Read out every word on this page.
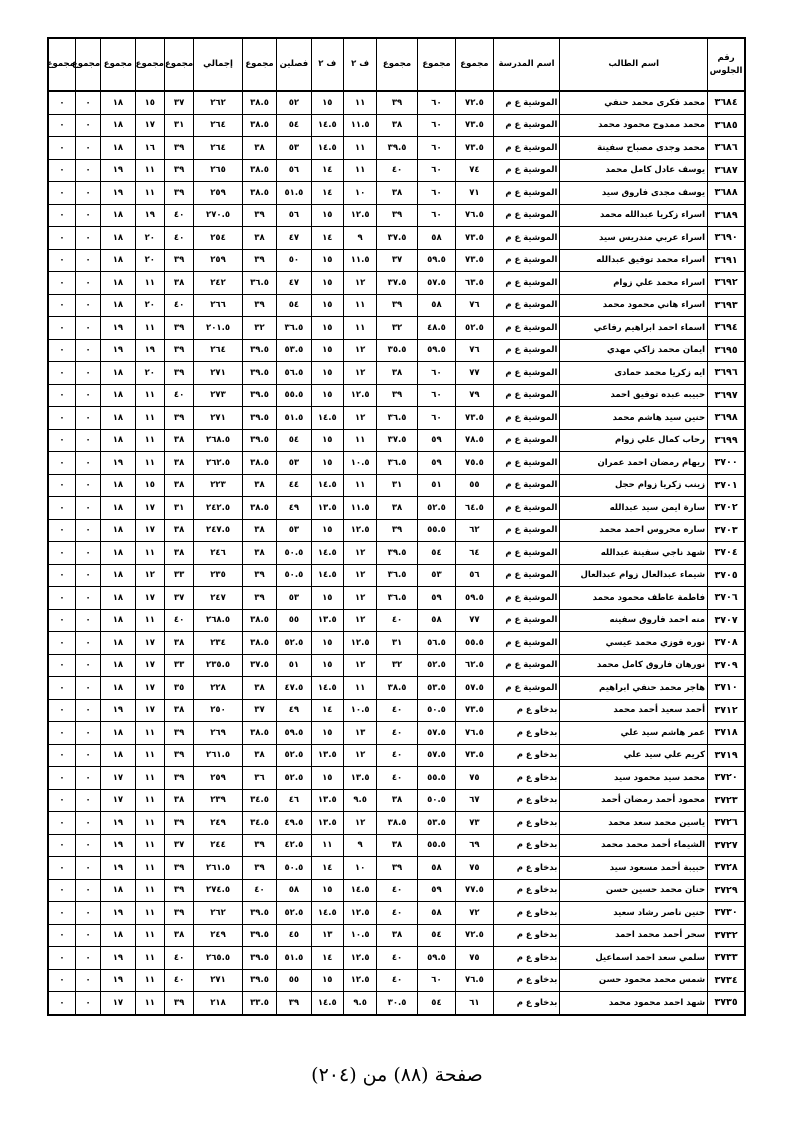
رقم الجلوس	اسم الطالب	اسم المدرسة	مجموع	مجموع	مجموع	ف ٢	ف ٢	فصلين	مجموع	إجمالي	مجموع	مجموع	مجموع	مجموع	مجموع
٣٦٨٤	محمد فكرى محمد حنفي	الموشية ع م	٧٢.٥	٦٠	٣٩	١١	١٥	٥٢	٣٨.٥	٢٦٢	٣٧	١٥	١٨	٠	٠
٣٦٨٥	محمد ممدوح محمود محمد	الموشية ع م	٧٣.٥	٦٠	٣٨	١١.٥	١٤.٥	٥٤	٣٨.٥	٢٦٤	٣١	١٧	١٨	٠	٠
٣٦٨٦	محمد وجدى مصباح سفينة	الموشية ع م	٧٣.٥	٦٠	٣٩.٥	١١	١٤.٥	٥٣	٣٨	٢٦٤	٣٩	١٦	١٨	٠	٠
٣٦٨٧	يوسف عادل كامل محمد	الموشية ع م	٧٤	٦٠	٤٠	١١	١٤	٥٦	٣٨.٥	٢٦٥	٣٩	١١	١٩	٠	٠
٣٦٨٨	يوسف مجدى فاروق سيد	الموشية ع م	٧١	٦٠	٣٨	١٠	١٤	٥١.٥	٣٨.٥	٢٥٩	٣٩	١١	١٩	٠	٠
٣٦٨٩	اسراء زكريا عبدالله محمد	الموشية ع م	٧٦.٥	٦٠	٣٩	١٢.٥	١٥	٥٦	٣٩	٢٧٠.٥	٤٠	١٩	١٨	٠	٠
٣٦٩٠	اسراء عربي مندريس سيد	الموشية ع م	٧٣.٥	٥٨	٣٧.٥	٩	١٤	٤٧	٣٨	٢٥٤	٤٠	٢٠	١٨	٠	٠
٣٦٩١	اسراء محمد توفيق عبدالله	الموشية ع م	٧٣.٥	٥٩.٥	٣٧	١١.٥	١٥	٥٠	٣٩	٢٥٩	٣٩	٢٠	١٨	٠	٠
٣٦٩٢	اسراء محمد علي زوام	الموشية ع م	٦٣.٥	٥٧.٥	٣٧.٥	١٢	١٥	٤٧	٣٦.٥	٢٤٢	٣٨	١١	١٨	٠	٠
٣٦٩٣	اسراء هاني محمود محمد	الموشية ع م	٧٦	٥٨	٣٩	١١	١٥	٥٤	٣٩	٢٦٦	٤٠	٢٠	١٨	٠	٠
٣٦٩٤	اسماء احمد ابراهيم رفاعي	الموشية ع م	٥٢.٥	٤٨.٥	٣٢	١١	١٥	٣٦.٥	٣٢	٢٠١.٥	٣٩	١١	١٩	٠	٠
٣٦٩٥	ايمان محمد زاكي مهدي	الموشية ع م	٧٦	٥٩.٥	٣٥.٥	١٢	١٥	٥٣.٥	٣٩.٥	٢٦٤	٣٩	١٩	١٩	٠	٠
٣٦٩٦	ايه زكريا محمد حمادى	الموشية ع م	٧٧	٦٠	٣٨	١٢	١٥	٥٦.٥	٣٩.٥	٢٧١	٣٩	٢٠	١٨	٠	٠
٣٦٩٧	حبيبه عبده توفيق احمد	الموشية ع م	٧٩	٦٠	٣٩	١٢.٥	١٥	٥٥.٥	٣٩.٥	٢٧٣	٤٠	١١	١٨	٠	٠
٣٦٩٨	حنين سيد هاشم محمد	الموشية ع م	٧٣.٥	٦٠	٣٦.٥	١٢	١٤.٥	٥١.٥	٣٩.٥	٢٧١	٣٩	١١	١٨	٠	٠
٣٦٩٩	رحاب كمال علي زوام	الموشية ع م	٧٨.٥	٥٩	٣٧.٥	١١	١٥	٥٤	٣٩.٥	٢٦٨.٥	٣٨	١١	١٨	٠	٠
٣٧٠٠	ريهام رمضان احمد عمران	الموشية ع م	٧٥.٥	٥٩	٣٦.٥	١٠.٥	١٥	٥٣	٣٨.٥	٢٦٢.٥	٣٨	١١	١٩	٠	٠
٣٧٠١	زينب زكريا زوام حجل	الموشية ع م	٥٥	٥١	٣١	١١	١٤.٥	٤٤	٣٨	٢٢٣	٣٨	١٥	١٨	٠	٠
٣٧٠٢	سارة ايمن سيد عبدالله	الموشية ع م	٦٤.٥	٥٢.٥	٣٨	١١.٥	١٣.٥	٤٩	٣٨.٥	٢٤٢.٥	٣١	١٧	١٨	٠	٠
٣٧٠٣	ساره محروس احمد محمد	الموشية ع م	٦٢	٥٥.٥	٣٩	١٢.٥	١٥	٥٣	٣٨	٢٤٧.٥	٣٨	١٧	١٨	٠	٠
٣٧٠٤	شهد ناجي سفينة عبدالله	الموشية ع م	٦٤	٥٤	٣٩.٥	١٢	١٤.٥	٥٠.٥	٣٨	٢٤٦	٣٨	١١	١٨	٠	٠
٣٧٠٥	شيماء عبدالعال زوام عبدالعال	الموشية ع م	٥٦	٥٣	٣٦.٥	١٢	١٤.٥	٥٠.٥	٣٩	٢٣٥	٣٣	١٢	١٨	٠	٠
٣٧٠٦	فاطمة عاطف محمود محمد	الموشية ع م	٥٩.٥	٥٩	٣٦.٥	١٢	١٥	٥٣	٣٩	٢٤٧	٣٧	١٧	١٨	٠	٠
٣٧٠٧	منه احمد فاروق سفينه	الموشية ع م	٧٧	٥٨	٤٠	١٢	١٣.٥	٥٥	٣٨.٥	٢٦٨.٥	٤٠	١١	١٨	٠	٠
٣٧٠٨	نوره فوزي محمد عيسي	الموشية ع م	٥٥.٥	٥٦.٥	٣١	١٢.٥	١٥	٥٢.٥	٣٨.٥	٢٣٤	٣٨	١٧	١٨	٠	٠
٣٧٠٩	نورهان فاروق كامل محمد	الموشية ع م	٦٢.٥	٥٢.٥	٣٢	١٢	١٥	٥١	٣٧.٥	٢٣٥.٥	٣٣	١٧	١٨	٠	٠
٣٧١٠	هاجر محمد حنفي ابراهيم	الموشية ع م	٥٧.٥	٥٣.٥	٣٨.٥	١١	١٤.٥	٤٧.٥	٣٨	٢٢٨	٣٥	١٧	١٨	٠	٠
٣٧١٢	أحمد سعيد أحمد محمد	بدخاو ع م	٧٣.٥	٥٠.٥	٤٠	١٠.٥	١٤	٤٩	٣٧	٢٥٠	٣٨	١٧	١٩	٠	٠
٣٧١٨	عمر هاشم سيد علي	بدخاو ع م	٧٦.٥	٥٧.٥	٤٠	١٣	١٥	٥٩.٥	٣٨.٥	٢٦٩	٣٩	١١	١٨	٠	٠
٣٧١٩	كريم علي سيد علي	بدخاو ع م	٧٣.٥	٥٧.٥	٤٠	١٢	١٣.٥	٥٢.٥	٣٨	٢٦١.٥	٣٩	١١	١٨	٠	٠
٣٧٢٠	محمد سيد محمود سيد	بدخاو ع م	٧٥	٥٥.٥	٤٠	١٣.٥	١٥	٥٢.٥	٣٦	٢٥٩	٣٩	١١	١٧	٠	٠
٣٧٢٣	محمود أحمد رمضان أحمد	بدخاو ع م	٦٧	٥٠.٥	٣٨	٩.٥	١٣.٥	٤٦	٣٤.٥	٢٣٩	٣٨	١١	١٧	٠	٠
٣٧٢٦	ياسين محمد سعد محمد	بدخاو ع م	٧٣	٥٣.٥	٣٨.٥	١٢	١٣.٥	٤٩.٥	٣٤.٥	٢٤٩	٣٩	١١	١٩	٠	٠
٣٧٢٧	الشيماء أحمد محمد محمد	بدخاو ع م	٦٩	٥٥.٥	٣٨	٩	١١	٤٢.٥	٣٩	٢٤٤	٣٧	١١	١٩	٠	٠
٣٧٢٨	حبيبة أحمد مسعود سيد	بدخاو ع م	٧٥	٥٨	٣٩	١٠	١٤	٥٠.٥	٣٩	٢٦١.٥	٣٩	١١	١٩	٠	٠
٣٧٢٩	حنان محمد حسين حسن	بدخاو ع م	٧٧.٥	٥٩	٤٠	١٤.٥	١٥	٥٨	٤٠	٢٧٤.٥	٣٩	١١	١٨	٠	٠
٣٧٣٠	حنين ناصر رشاد سعيد	بدخاو ع م	٧٢	٥٨	٤٠	١٢.٥	١٤.٥	٥٢.٥	٣٩.٥	٢٦٢	٣٩	١١	١٩	٠	٠
٣٧٣٢	سحر أحمد محمد احمد	بدخاو ع م	٧٢.٥	٥٤	٣٨	١٠.٥	١٣	٤٥	٣٩.٥	٢٤٩	٣٨	١١	١٨	٠	٠
٣٧٣٣	سلمي سعد احمد اسماعيل	بدخاو ع م	٧٥	٥٩.٥	٤٠	١٢.٥	١٤	٥١.٥	٣٩.٥	٢٦٥.٥	٤٠	١١	١٩	٠	٠
٣٧٣٤	شمس محمد محمود حسن	بدخاو ع م	٧٦.٥	٦٠	٤٠	١٢.٥	١٥	٥٥	٣٩.٥	٢٧١	٤٠	١١	١٩	٠	٠
٣٧٣٥	شهد احمد محمود محمد	بدخاو ع م	٦١	٥٤	٣٠.٥	٩.٥	١٤.٥	٣٩	٣٣.٥	٢١٨	٣٩	١١	١٧	٠	٠
صفحة (٨٨) من (٢٠٤)
